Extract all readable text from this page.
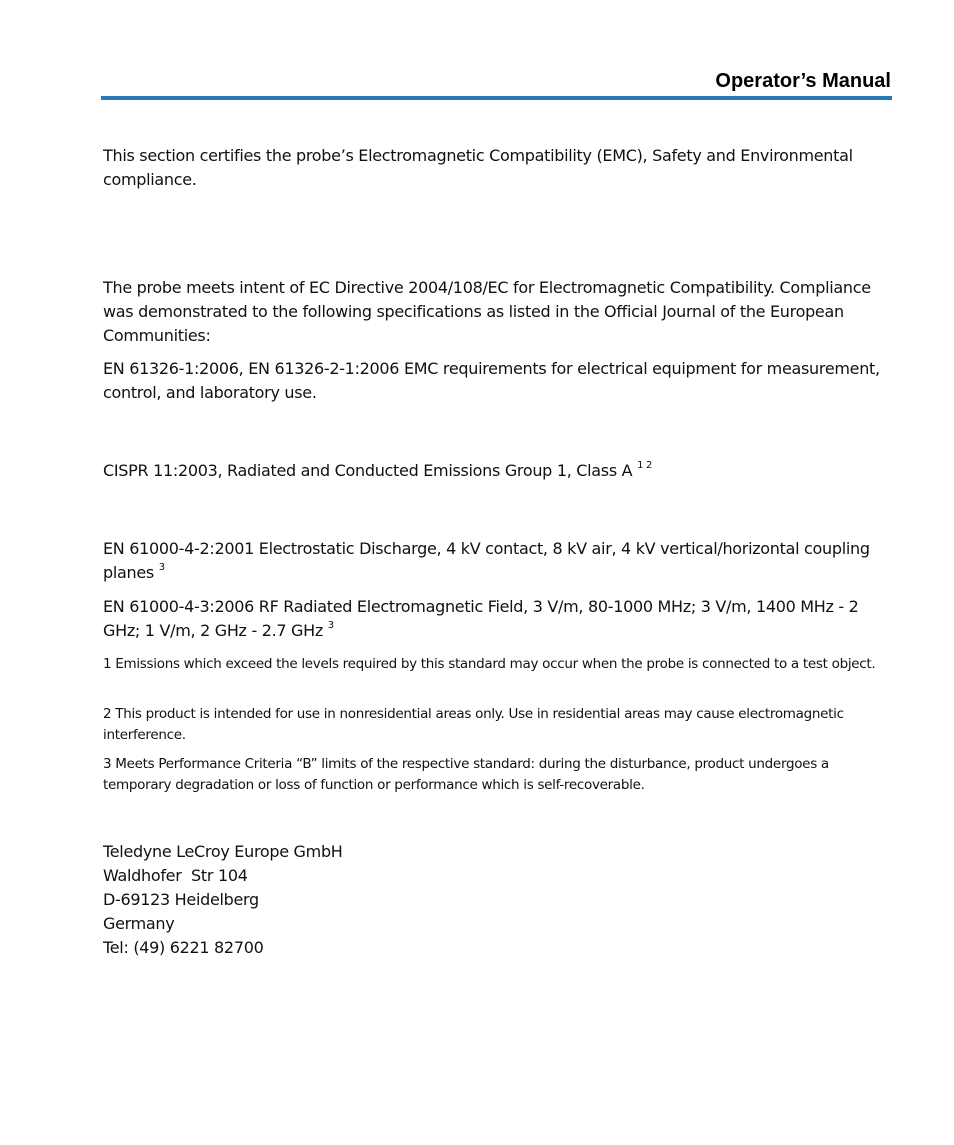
Operator’s Manual

This section certifies the probe’s Electromagnetic Compatibility (EMC), Safety and Environmental compliance.

The probe meets intent of EC Directive 2004/108/EC for Electromagnetic Compatibility. Compliance was demonstrated to the following specifications as listed in the Official Journal of the European Communities:

EN 61326-1:2006, EN 61326-2-1:2006 EMC requirements for electrical equipment for measurement, control, and laboratory use.

CISPR 11:2003, Radiated and Conducted Emissions Group 1, Class A $^{1 2}$

EN 61000-4-2:2001 Electrostatic Discharge, 4 kV contact, 8 kV air, 4 kV vertical/horizontal coupling planes $^3$

EN 61000-4-3:2006 RF Radiated Electromagnetic Field, 3 V/m, 80-1000 MHz; 3 V/m, 1400 MHz - 2 GHz; 1 V/m, 2 GHz - 2.7 GHz $^3$

1 Emissions which exceed the levels required by this standard may occur when the probe is connected to a test object.

2 This product is intended for use in nonresidential areas only. Use in residential areas may cause electromagnetic interference.

3 Meets Performance Criteria “B” limits of the respective standard: during the disturbance, product undergoes a temporary degradation or loss of function or performance which is self-recoverable.

Teledyne LeCroy Europe GmbH
Waldhofer  Str 104
D-69123 Heidelberg
Germany
Tel: (49) 6221 82700
